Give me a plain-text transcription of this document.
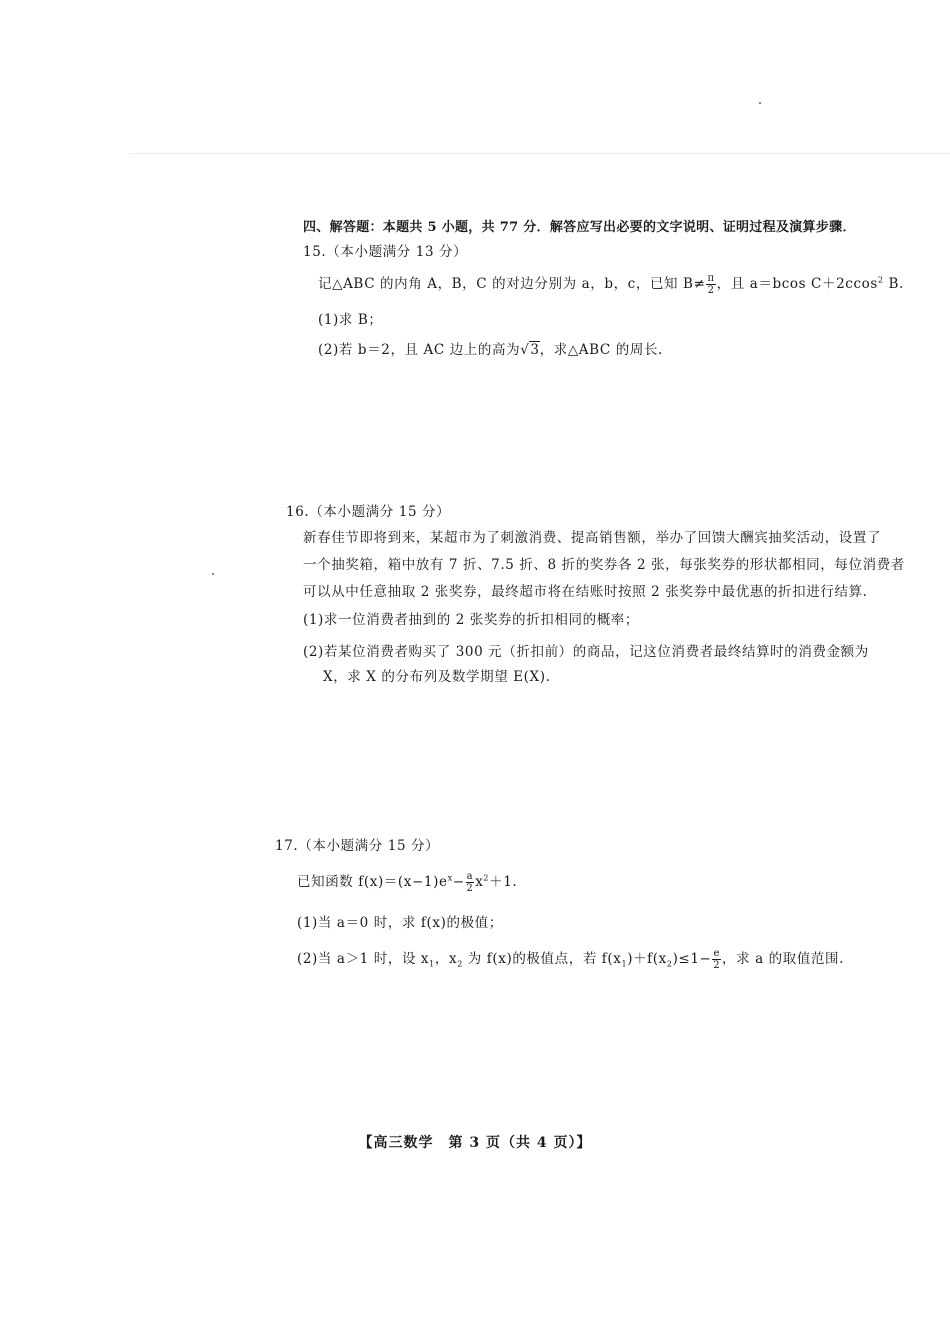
四、解答题：本题共 5 小题，共 77 分．解答应写出必要的文字说明、证明过程及演算步骤．
15.（本小题满分 13 分）
记△ABC 的内角 A，B，C 的对边分别为 a，b，c，已知 $B\ne \frac{\pi}{2}$ ，且 a＝bcos C＋2ccos$^2$ B.
(1)求 B；
(2)若 b＝2，且 AC 边上的高为√3，求△ABC 的周长.
16.（本小题满分 15 分）
新春佳节即将到来，某超市为了刺激消费、提高销售额，举办了回馈大酬宾抽奖活动，设置了
一个抽奖箱，箱中放有 7 折、7.5 折、8 折的奖券各 2 张，每张奖券的形状都相同，每位消费者
可以从中任意抽取 2 张奖券，最终超市将在结账时按照 2 张奖券中最优惠的折扣进行结算.
(1)求一位消费者抽到的 2 张奖券的折扣相同的概率；
(2)若某位消费者购买了 300 元（折扣前）的商品，记这位消费者最终结算时的消费金额为
X，求 X 的分布列及数学期望 E(X).
17.（本小题满分 15 分）
已知函数 $f(x)=(x-1)e^x- \frac{a}{2} x^2+1$.
(1)当 a＝0 时，求 f(x)的极值；
(2)当 a＞1 时，设 $x_1$，$x_2$ 为 f(x)的极值点，若 $f(x_1)+f(x_2)\le 1- \frac{e}{2}$ ，求 a 的取值范围.
【高三数学　第 3 页（共 4 页）】
